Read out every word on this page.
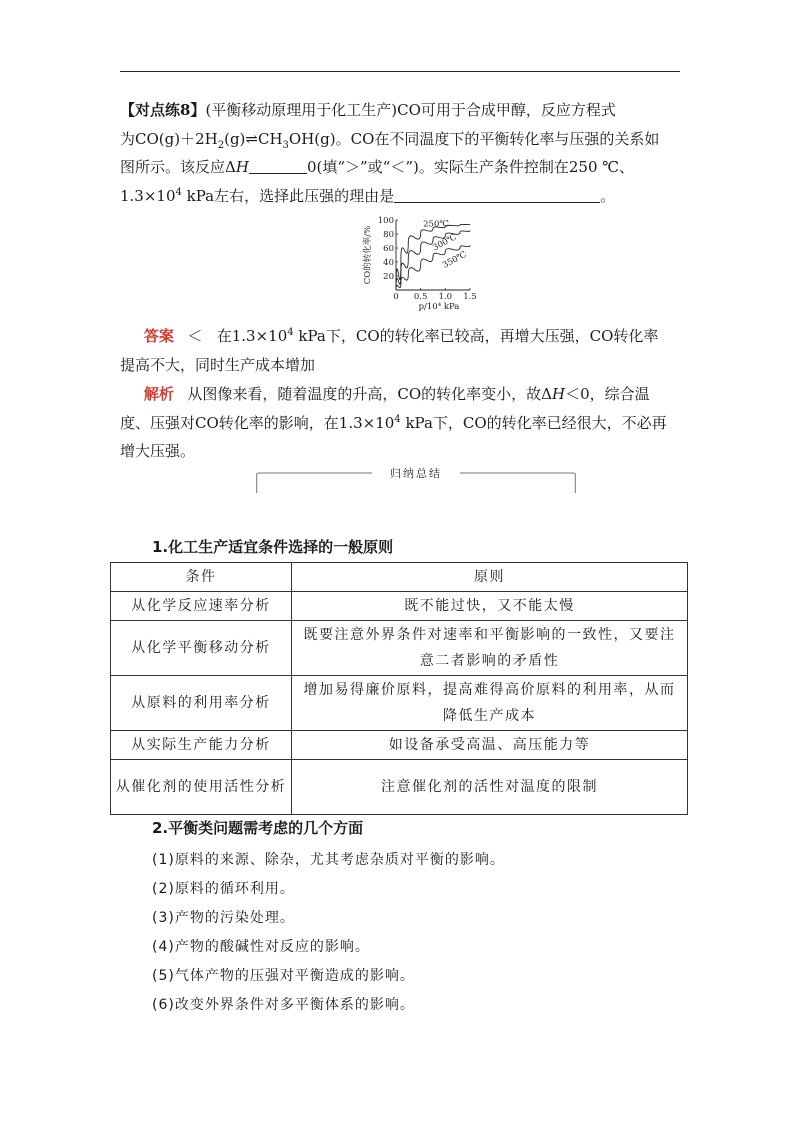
【对点练8】(平衡移动原理用于化工生产)CO可用于合成甲醇，反应方程式
为$CO(g)+2H_2(g)\rightleftharpoons CH_3OH(g)$。CO在不同温度下的平衡转化率与压强的关系如
图所示。该反应ΔH	0(填“＞”或“＜”)。实际生产条件控制在250 ℃、
$1.3\times 10^4$ kPa左右，选择此压强的理由是	。
20
40
60
80
100
0 0.5 1.0 1.5
CO的转化率/%
p/10⁴ kPa
250℃
300℃
350℃
答案 ＜ 在$1.3\times 10^4$ kPa下，CO的转化率已较高，再增大压强，CO转化率
提高不大，同时生产成本增加
解析 从图像来看，随着温度的升高，CO的转化率变小，故ΔH＜0，综合温
度、压强对CO转化率的影响，在$1.3\times 10^4$ kPa下，CO的转化率已经很大，不必再
增大压强。
归纳总结
1.化工生产适宜条件选择的一般原则
条件	原则
从化学反应速率分析	既不能过快，又不能太慢
从化学平衡移动分析	既要注意外界条件对速率和平衡影响的一致性，又要注意二者影响的矛盾性
从原料的利用率分析	增加易得廉价原料，提高难得高价原料的利用率，从而降低生产成本
从实际生产能力分析	如设备承受高温、高压能力等
从催化剂的使用活性分析	注意催化剂的活性对温度的限制
2.平衡类问题需考虑的几个方面
(1)原料的来源、除杂，尤其考虑杂质对平衡的影响。
(2)原料的循环利用。
(3)产物的污染处理。
(4)产物的酸碱性对反应的影响。
(5)气体产物的压强对平衡造成的影响。
(6)改变外界条件对多平衡体系的影响。
